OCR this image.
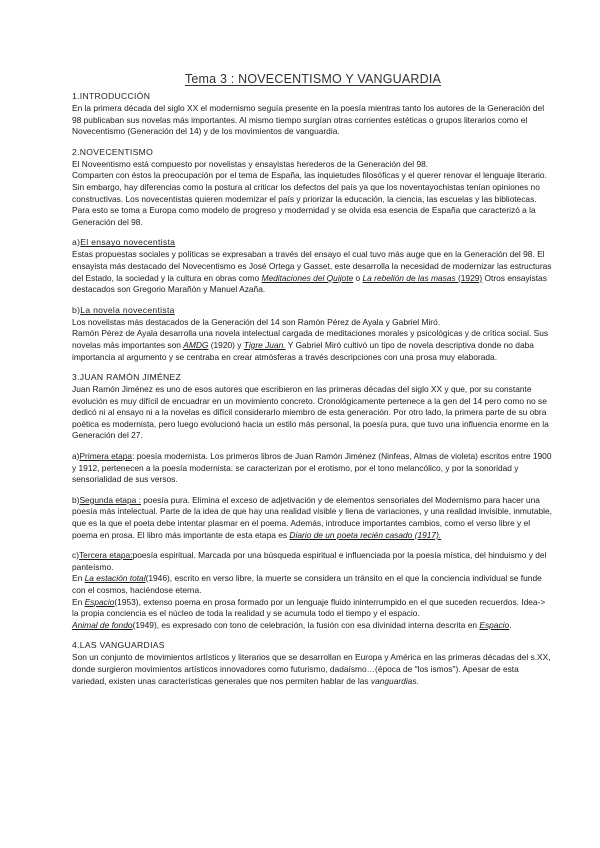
Tema 3 : NOVECENTISMO Y VANGUARDIA
1.INTRODUCCIÓN

En la primera década del siglo XX el modernismo seguía presente en la poesía mientras tanto los autores de la Generación del 98 publicaban sus novelas más importantes. Al mismo tiempo surgían otras corrientes estéticas o grupos literarios como el Novecentismo (Generación del 14) y de los movimientos de vanguardia.

2.NOVECENTISMO

El Noveentismo está compuesto por novelistas y ensayistas herederos de la Generación del 98.

Comparten con éstos la preocupación por el tema de España, las inquietudes filosóficas y el querer renovar el lenguaje literario. Sin embargo, hay diferencias como la postura al criticar los defectos del país ya que los noventayochistas tenían opiniones no constructivas. Los novecentistas quieren modernizar el país y priorizar la educación, la ciencia, las escuelas y las bibliotecas. Para esto se toma a Europa como modelo de progreso y modernidad y se olvida esa esencia de España que caracterizó a la Generación del 98.

a)El ensayo novecentista

Estas propuestas sociales y políticas se expresaban a través del ensayo el cual tuvo más auge que en la Generación del 98. El ensayista más destacado del Novecentismo es José Ortega y Gasset, este desarrolla la necesidad de modernizar las estructuras del Estado, la sociedad y la cultura en obras como Meditaciones del Quijote o La rebelión de las masas (1929) Otros ensayistas destacados son Gregorio Marañón y Manuel Azaña.

b)La novela novecentista

Los novelistas más destacados de la Generación del 14 son Ramón Pérez de Ayala y Gabriel Miró.

Ramón Pérez de Ayala desarrolla una novela intelectual cargada de meditaciones morales y psicológicas y de crítica social. Sus novelas más importantes son AMDG (1920) y Tigre Juan. Y Gabriel Miró cultivó un tipo de novela descriptiva donde no daba importancia al argumento y se centraba en crear atmósferas a través descripciones con una prosa muy elaborada.

3.JUAN RAMÓN JIMÉNEZ

Juan Ramón Jiménez es uno de esos autores que escribieron en las primeras décadas del siglo XX y que, por su constante evolución es muy difícil de encuadrar en un movimiento concreto. Cronológicamente pertenece a la gen del 14 pero como no se dedicó ni al ensayo ni a la novelas es difícil considerarlo miembro de esta generación. Por otro lado, la primera parte de su obra poética es modernista, pero luego evolucionó hacia un estilo más personal, la poesía pura, que tuvo una influencia enorme en la Generación del 27.

a)Primera etapa: poesía modernista. Los primeros libros de Juan Ramón Jiménez (Ninfeas, Almas de violeta) escritos entre 1900 y 1912, pertenecen a la poesía modernista: se caracterizan por el erotismo, por el tono melancólico, y por la sonoridad y sensorialidad de sus versos.

b)Segunda etapa : poesía pura. Elimina el exceso de adjetivación y de elementos sensoriales del Modernismo para hacer una poesía más intelectual. Parte de la idea de que hay una realidad visible y llena de variaciones, y una realidad invisible, inmutable, que es la que el poeta debe intentar plasmar en el poema. Además, introduce importantes cambios, como el verso libre y el poema en prosa. El libro más importante de esta etapa es Diario de un poeta recién casado (1917).

c)Tercera etapa:poesía espiritual. Marcada por una búsqueda espiritual e influenciada por la poesía mística, del hinduismo y del panteísmo.

En La estación total(1946), escrito en verso libre, la muerte se considera un tránsito en el que la conciencia individual se funde con el cosmos, haciéndose eterna.

En Espacio(1953), extenso poema en prosa formado por un lenguaje fluido ininterrumpido en el que suceden recuerdos. Idea-> la propia conciencia es el núcleo de toda la realidad y se acumula todo el tiempo y el espacio.

Animal de fondo(1949), es expresado con tono de celebración, la fusión con esa divinidad interna descrita en Espacio.

4.LAS VANGUARDIAS

Son un conjunto de movimientos artísticos y literarios que se desarrollan en Europa y América en las primeras décadas del s.XX, donde surgieron movimientos artísticos innovadores como futurismo, dadaísmo…(época de "los ismos"). Apesar de esta variedad, existen unas características generales que nos permiten hablar de las vanguardias.
